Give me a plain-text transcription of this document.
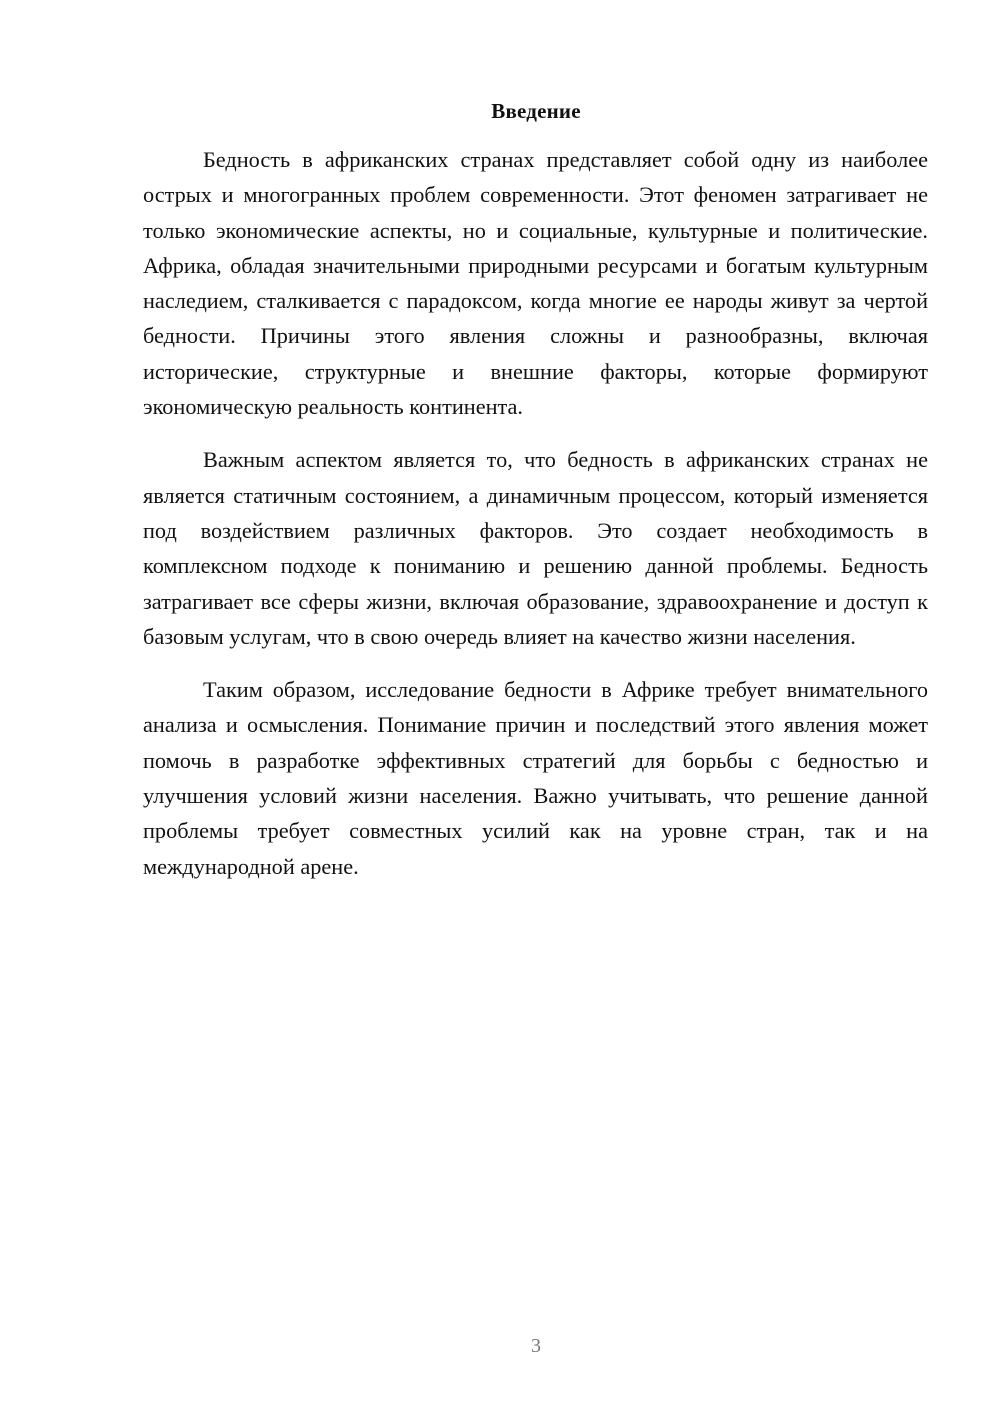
Введение

Бедность в африканских странах представляет собой одну из наиболее острых и многогранных проблем современности. Этот феномен затрагивает не только экономические аспекты, но и социальные, культурные и политические. Африка, обладая значительными природными ресурсами и богатым культурным наследием, сталкивается с парадоксом, когда многие ее народы живут за чертой бедности. Причины этого явления сложны и разнообразны, включая исторические, структурные и внешние факторы, которые формируют экономическую реальность континента.

Важным аспектом является то, что бедность в африканских странах не является статичным состоянием, а динамичным процессом, который изменяется под воздействием различных факторов. Это создает необходимость в комплексном подходе к пониманию и решению данной проблемы. Бедность затрагивает все сферы жизни, включая образование, здравоохранение и доступ к базовым услугам, что в свою очередь влияет на качество жизни населения.

Таким образом, исследование бедности в Африке требует внимательного анализа и осмысления. Понимание причин и последствий этого явления может помочь в разработке эффективных стратегий для борьбы с бедностью и улучшения условий жизни населения. Важно учитывать, что решение данной проблемы требует совместных усилий как на уровне стран, так и на международной арене.

3
